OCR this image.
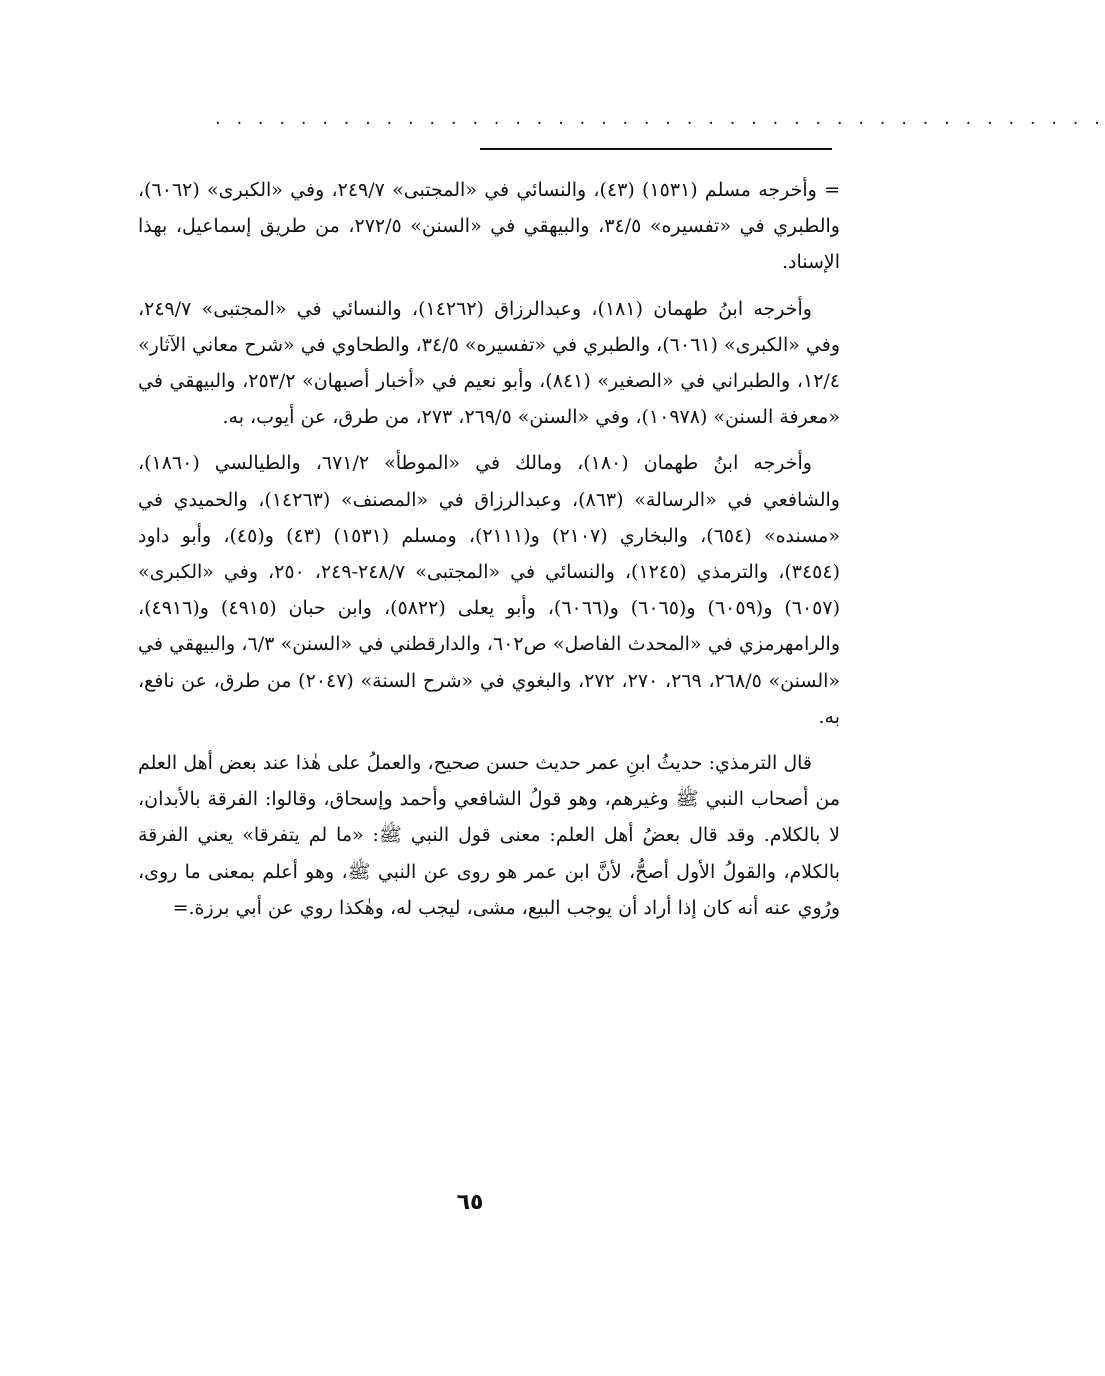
. . . . . . . . . . . . . . . . . . . . . . . . . . . . . . . . . . . . . . . . . .

= وأخرجه مسلم (١٥٣١) (٤٣)، والنسائي في «المجتبى» ٢٤٩/٧، وفي «الكبرى» (٦٠٦٢)، والطبري في «تفسيره» ٣٤/٥، والبيهقي في «السنن» ٢٧٢/٥، من طريق إسماعيل، بهذا الإسناد.

وأخرجه ابنُ طهمان (١٨١)، وعبدالرزاق (١٤٢٦٢)، والنسائي في «المجتبى» ٢٤٩/٧، وفي «الكبرى» (٦٠٦١)، والطبري في «تفسيره» ٣٤/٥، والطحاوي في «شرح معاني الآثار» ١٢/٤، والطبراني في «الصغير» (٨٤١)، وأبو نعيم في «أخبار أصبهان» ٢٥٣/٢، والبيهقي في «معرفة السنن» (١٠٩٧٨)، وفي «السنن» ٢٦٩/٥، ٢٧٣، من طرق، عن أيوب، به.

وأخرجه ابنُ طهمان (١٨٠)، ومالك في «الموطأ» ٦٧١/٢، والطيالسي (١٨٦٠)، والشافعي في «الرسالة» (٨٦٣)، وعبدالرزاق في «المصنف» (١٤٢٦٣)، والحميدي في «مسنده» (٦٥٤)، والبخاري (٢١٠٧) و(٢١١١)، ومسلم (١٥٣١) (٤٣) و(٤٥)، وأبو داود (٣٤٥٤)، والترمذي (١٢٤٥)، والنسائي في «المجتبى» ٢٤٨/٧-٢٤٩، ٢٥٠، وفي «الكبرى» (٦٠٥٧) و(٦٠٥٩) و(٦٠٦٥) و(٦٠٦٦)، وأبو يعلى (٥٨٢٢)، وابن حبان (٤٩١٥) و(٤٩١٦)، والرامهرمزي في «المحدث الفاصل» ص٦٠٢، والدارقطني في «السنن» ٦/٣، والبيهقي في «السنن» ٢٦٨/٥، ٢٦٩، ٢٧٠، ٢٧٢، والبغوي في «شرح السنة» (٢٠٤٧) من طرق، عن نافع، به.

قال الترمذي: حديثُ ابنِ عمر حديث حسن صحيح، والعملُ على هٰذا عند بعض أهل العلم من أصحاب النبي ﷺ وغيرهم، وهو قولُ الشافعي وأحمد وإسحاق، وقالوا: الفرقة بالأبدان، لا بالكلام. وقد قال بعضُ أهل العلم: معنى قول النبي ﷺ: «ما لم يتفرقا» يعني الفرقة بالكلام، والقولُ الأول أصحُّ، لأنَّ ابن عمر هو روى عن النبي ﷺ، وهو أعلم بمعنى ما روى، ورُوي عنه أنه كان إذا أراد أن يوجب البيع، مشى، ليجب له، وهٰكذا روي عن أبي برزة.=

٦٥
